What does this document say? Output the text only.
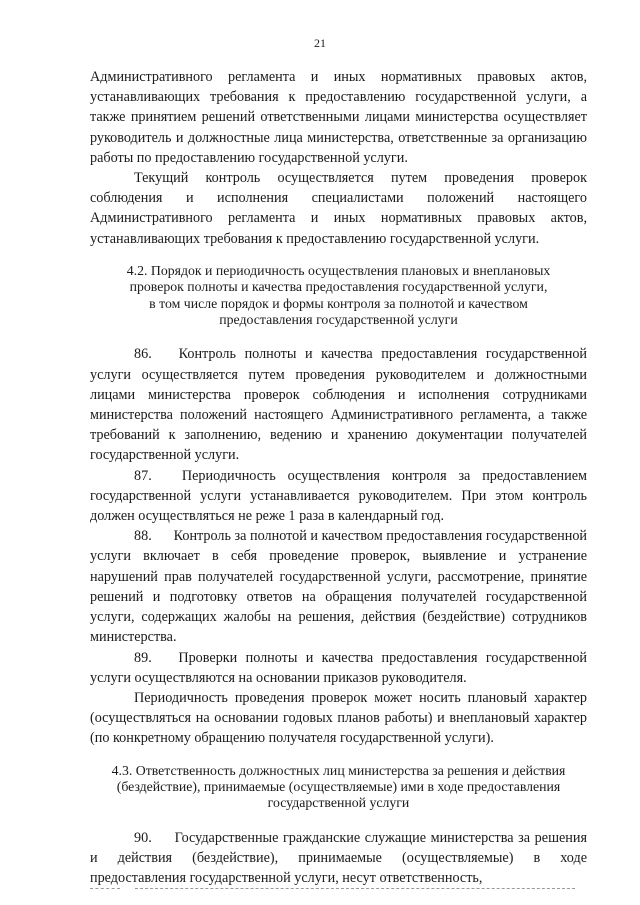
21

Административного регламента и иных нормативных правовых актов, устанавливающих требования к предоставлению государственной услуги, а также принятием решений ответственными лицами министерства осуществляет руководитель и должностные лица министерства, ответственные за организацию работы по предоставлению государственной услуги.

Текущий контроль осуществляется путем проведения проверок соблюдения и исполнения специалистами положений настоящего Административного регламента и иных нормативных правовых актов, устанавливающих требования к предоставлению государственной услуги.

4.2. Порядок и периодичность осуществления плановых и внеплановых
проверок полноты и качества предоставления государственной услуги,
в том числе порядок и формы контроля за полнотой и качеством
предоставления государственной услуги

86. Контроль полноты и качества предоставления государственной услуги осуществляется путем проведения руководителем и должностными лицами министерства проверок соблюдения и исполнения сотрудниками министерства положений настоящего Административного регламента, а также требований к заполнению, ведению и хранению документации получателей государственной услуги.

87. Периодичность осуществления контроля за предоставлением государственной услуги устанавливается руководителем. При этом контроль должен осуществляться не реже 1 раза в календарный год.

88. Контроль за полнотой и качеством предоставления государственной услуги включает в себя проведение проверок, выявление и устранение нарушений прав получателей государственной услуги, рассмотрение, принятие решений и подготовку ответов на обращения получателей государственной услуги, содержащих жалобы на решения, действия (бездействие) сотрудников министерства.

89. Проверки полноты и качества предоставления государственной услуги осуществляются на основании приказов руководителя.

Периодичность проведения проверок может носить плановый характер (осуществляться на основании годовых планов работы) и внеплановый характер (по конкретному обращению получателя государственной услуги).

4.3. Ответственность должностных лиц министерства за решения и действия
(бездействие), принимаемые (осуществляемые) ими в ходе предоставления
государственной услуги

90. Государственные гражданские служащие министерства за решения и действия (бездействие), принимаемые (осуществляемые) в ходе предоставления государственной услуги, несут ответственность,
